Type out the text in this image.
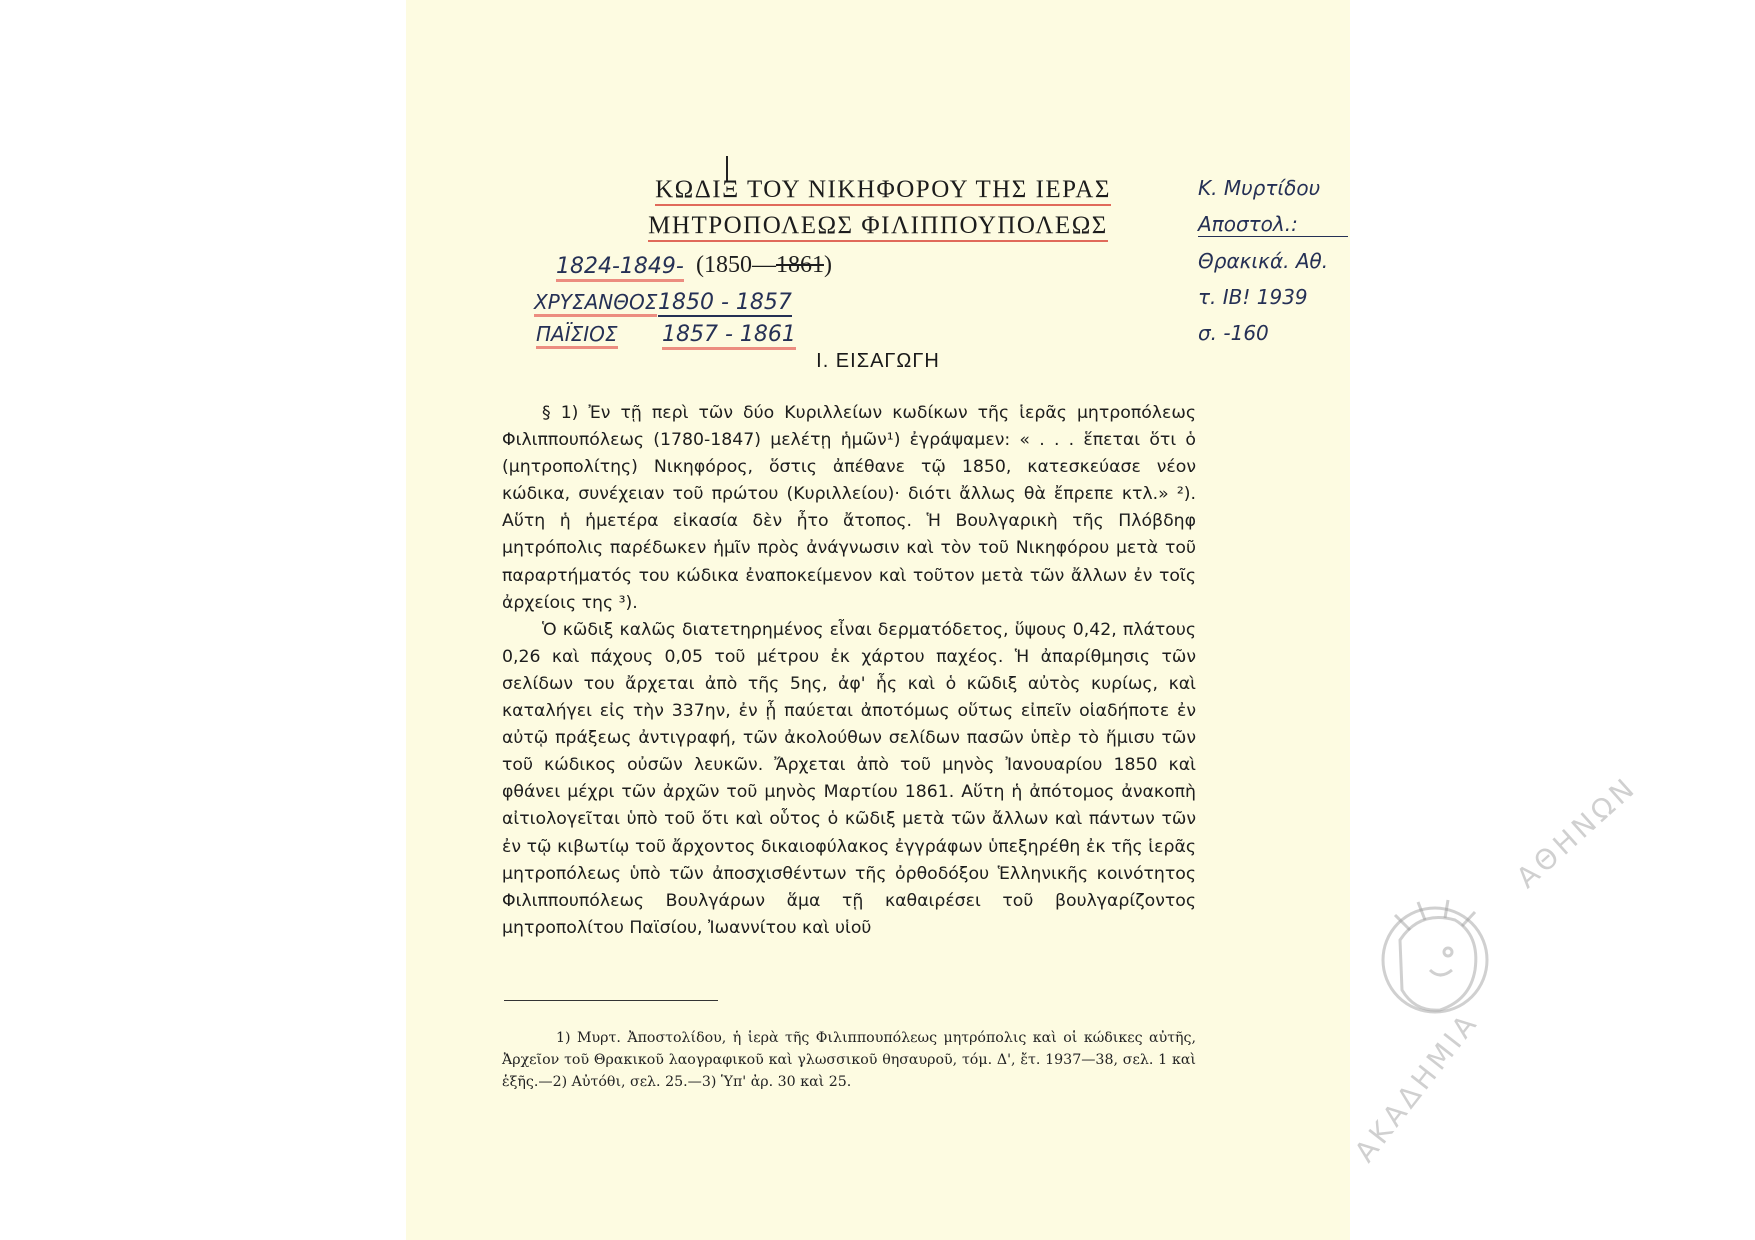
ΚΩΔΙΞ ΤΟΥ ΝΙΚΗΦΟΡΟΥ ΤΗΣ ΙΕΡΑΣ
ΜΗΤΡΟΠΟΛΕΩΣ ΦΙΛΙΠΠΟΥΠΟΛΕΩΣ
1824-1849- (1850—1861)
ΧΡΥΣΑΝΘΟΣ 1850 - 1857
ΠΑΪΣΙΟΣ 1857 - 1861
Κ. Μυρτίδου
Αποστολ.:
Θρακικά. Αθ.
τ. ΙΒ! 1939
σ. -160
Ι. ΕΙΣΑΓΩΓΗ

§ 1) Ἐν τῇ περὶ τῶν δύο Κυριλλείων κωδίκων τῆς ἱερᾶς μητροπόλεως Φιλιππουπόλεως (1780-1847) μελέτῃ ἡμῶν¹) ἐγράψαμεν: « . . . ἕπεται ὅτι ὁ (μητροπολίτης) Νικηφόρος, ὅστις ἀπέθανε τῷ 1850, κατεσκεύασε νέον κώδικα, συνέχειαν τοῦ πρώτου (Κυριλλείου)· διότι ἄλλως θὰ ἔπρεπε κτλ.» ²). Αὕτη ἡ ἡμετέρα εἰκασία δὲν ἦτο ἄτοπος. Ἡ Βουλγαρικὴ τῆς Πλόβδηφ μητρόπολις παρέδωκεν ἡμῖν πρὸς ἀνάγνωσιν καὶ τὸν τοῦ Νικηφόρου μετὰ τοῦ παραρτήματός του κώδικα ἐναποκείμενον καὶ τοῦτον μετὰ τῶν ἄλλων ἐν τοῖς ἀρχείοις της ³).

Ὁ κῶδιξ καλῶς διατετηρημένος εἶναι δερματόδετος, ὕψους 0,42, πλάτους 0,26 καὶ πάχους 0,05 τοῦ μέτρου ἐκ χάρτου παχέος. Ἡ ἀπαρίθμησις τῶν σελίδων του ἄρχεται ἀπὸ τῆς 5ης, ἀφ' ἧς καὶ ὁ κῶδιξ αὐτὸς κυρίως, καὶ καταλήγει εἰς τὴν 337ην, ἐν ᾗ παύεται ἀποτόμως οὕτως εἰπεῖν οἱαδήποτε ἐν αὐτῷ πράξεως ἀντιγραφή, τῶν ἀκολούθων σελίδων πασῶν ὑπὲρ τὸ ἥμισυ τῶν τοῦ κώδικος οὐσῶν λευκῶν. Ἄρχεται ἀπὸ τοῦ μηνὸς Ἰανουαρίου 1850 καὶ φθάνει μέχρι τῶν ἀρχῶν τοῦ μηνὸς Μαρτίου 1861. Αὕτη ἡ ἀπότομος ἀνακοπὴ αἰτιολογεῖται ὑπὸ τοῦ ὅτι καὶ οὗτος ὁ κῶδιξ μετὰ τῶν ἄλλων καὶ πάντων τῶν ἐν τῷ κιβωτίῳ τοῦ ἄρχοντος δικαιοφύλακος ἐγγράφων ὑπεξηρέθη ἐκ τῆς ἱερᾶς μητροπόλεως ὑπὸ τῶν ἀποσχισθέντων τῆς ὀρθοδόξου Ἑλληνικῆς κοινότητος Φιλιππουπόλεως Βουλγάρων ἅμα τῇ καθαιρέσει τοῦ βουλγαρίζοντος μητροπολίτου Παϊσίου, Ἰωαννίτου καὶ υἱοῦ

1) Μυρτ. Ἀποστολίδου, ἡ ἱερὰ τῆς Φιλιππουπόλεως μητρόπολις καὶ οἱ κώδικες αὐτῆς, Ἀρχεῖον τοῦ Θρακικοῦ λαογραφικοῦ καὶ γλωσσικοῦ θησαυροῦ, τόμ. Δ', ἔτ. 1937—38, σελ. 1 καὶ ἑξῆς.—2) Αὐτόθι, σελ. 25.—3) Ὑπ' ἀρ. 30 καὶ 25.

ΑΘΗΝΩΝ
ΑΚΑΔΗΜΙΑ
